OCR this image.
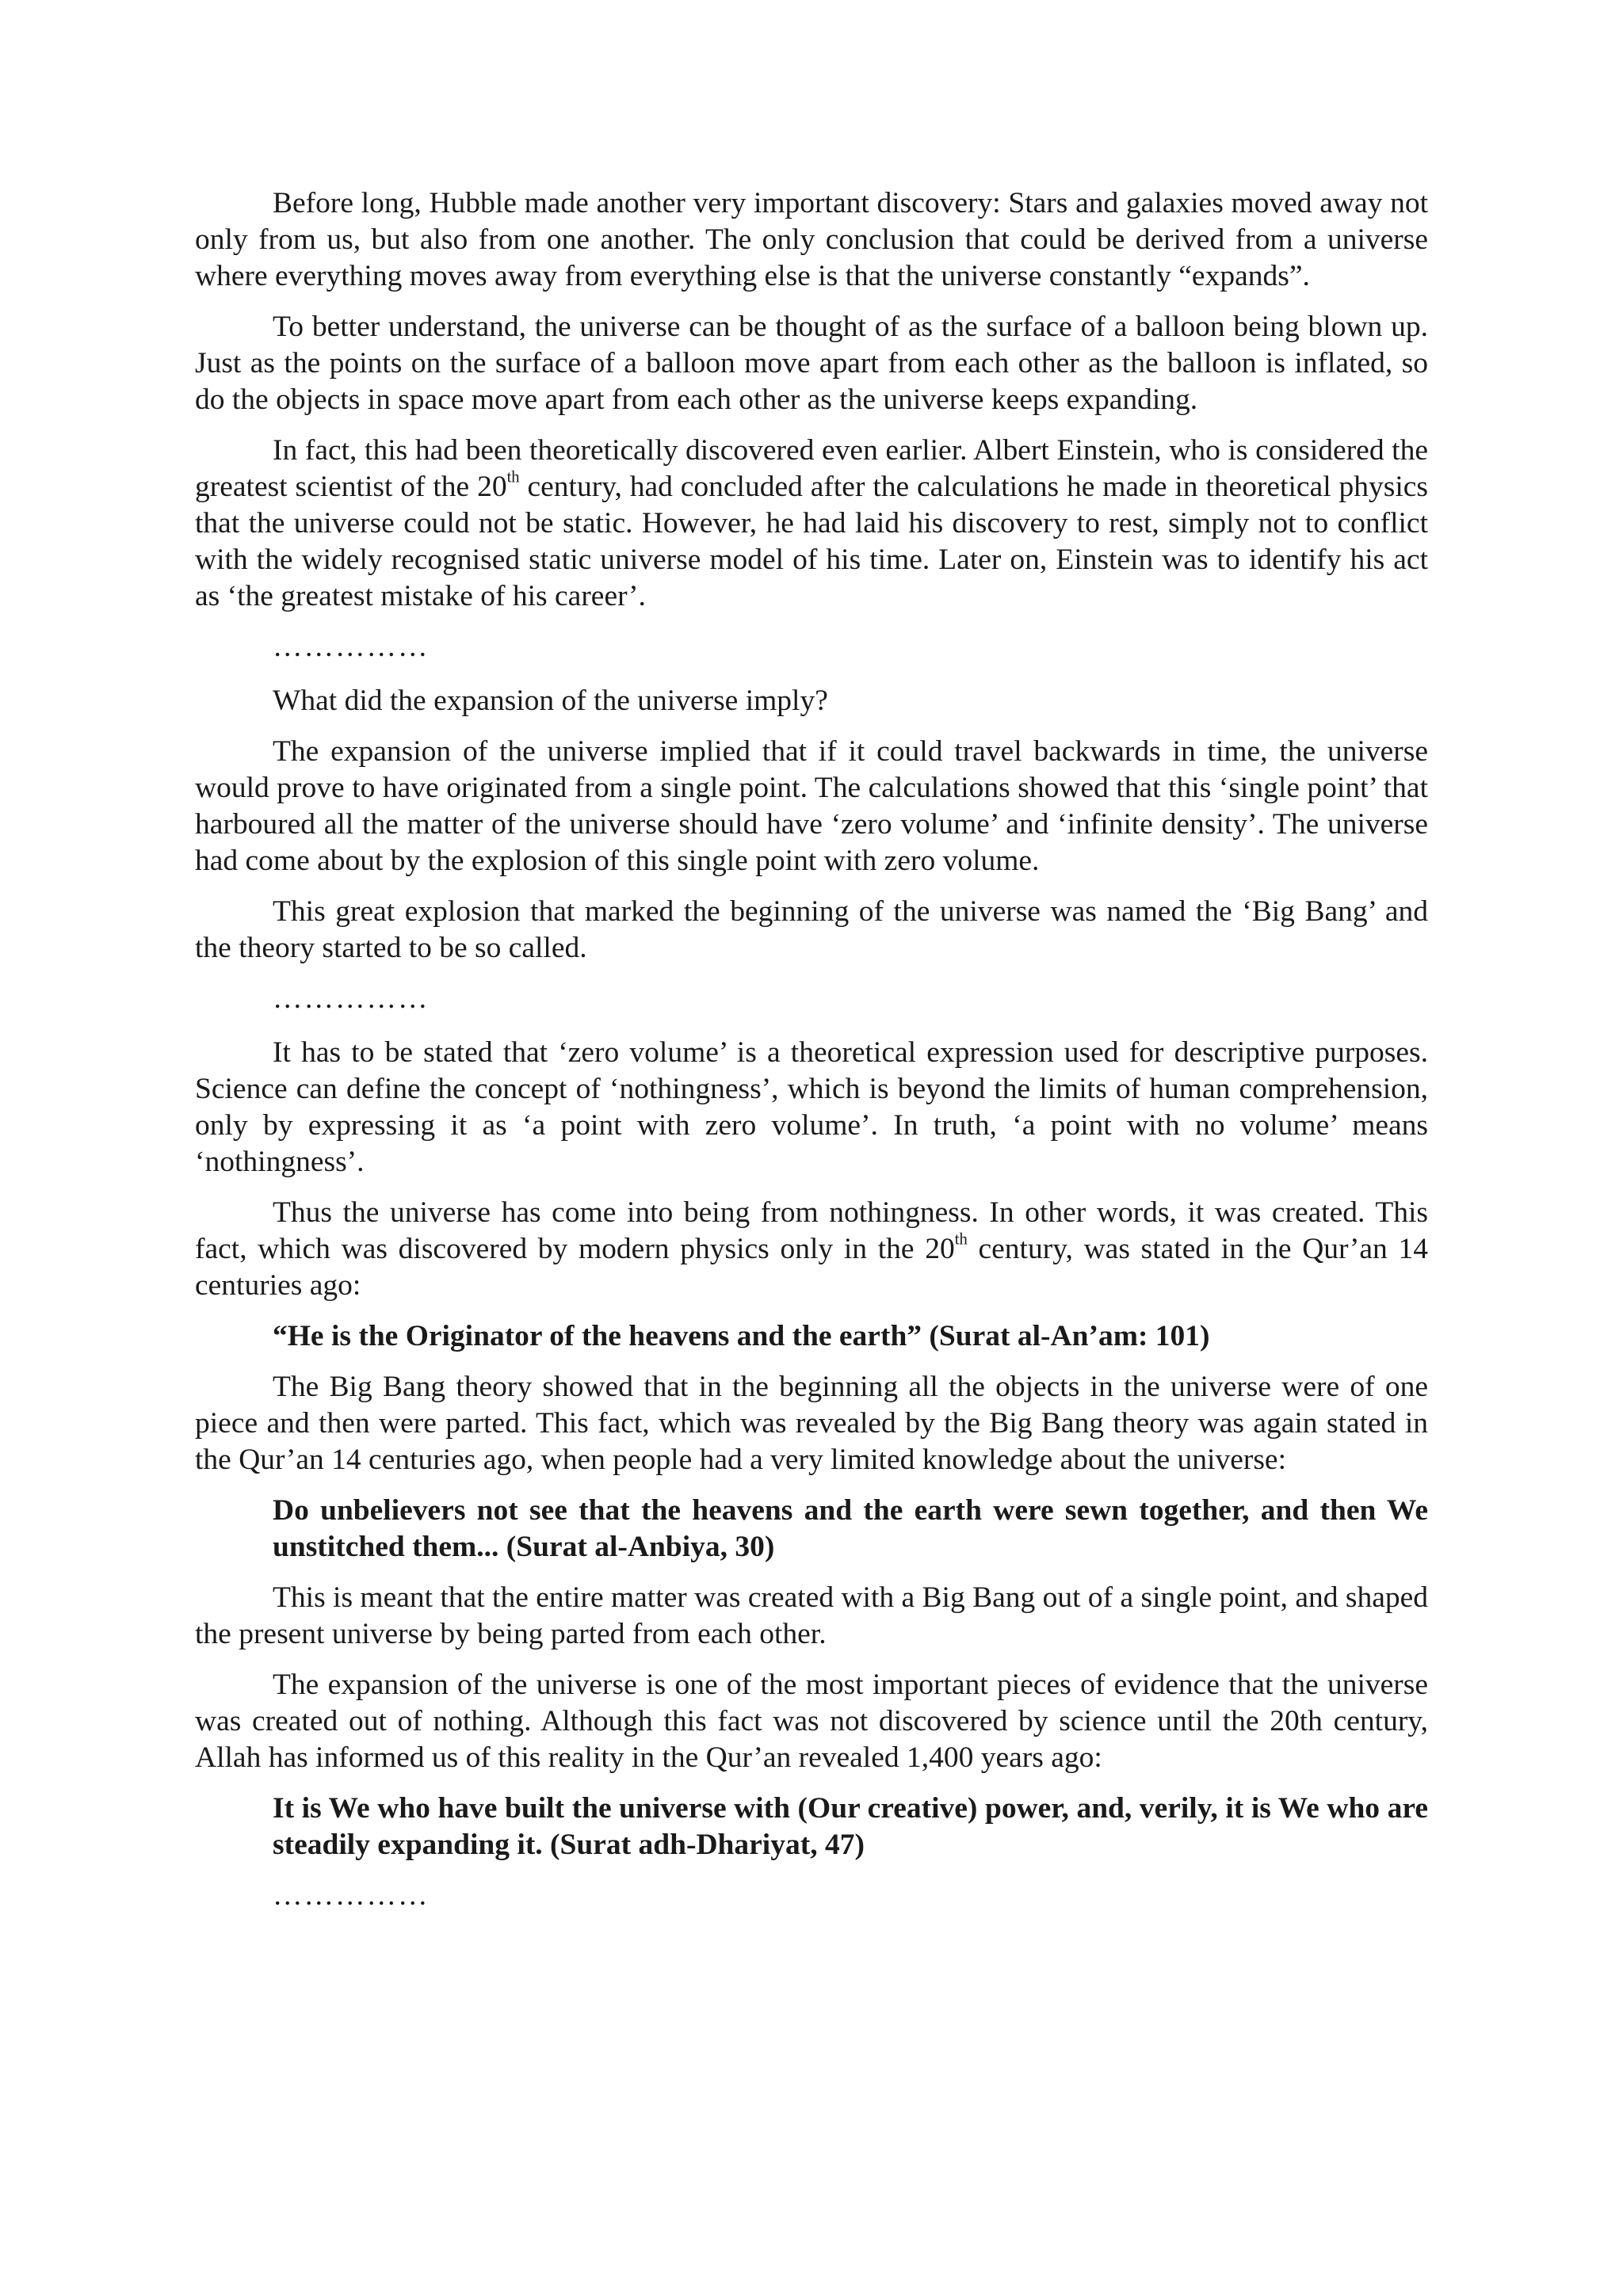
Before long, Hubble made another very important discovery: Stars and galaxies moved away not only from us, but also from one another. The only conclusion that could be derived from a universe where everything moves away from everything else is that the universe constantly “expands”.

To better understand, the universe can be thought of as the surface of a balloon being blown up. Just as the points on the surface of a balloon move apart from each other as the balloon is inflated, so do the objects in space move apart from each other as the universe keeps expanding.

In fact, this had been theoretically discovered even earlier. Albert Einstein, who is considered the greatest scientist of the 20th century, had concluded after the calculations he made in theoretical physics that the universe could not be static. However, he had laid his discovery to rest, simply not to conflict with the widely recognised static universe model of his time. Later on, Einstein was to identify his act as ‘the greatest mistake of his career’.

……………

What did the expansion of the universe imply?

The expansion of the universe implied that if it could travel backwards in time, the universe would prove to have originated from a single point. The calculations showed that this ‘single point’ that harboured all the matter of the universe should have ‘zero volume’ and ‘infinite density’. The universe had come about by the explosion of this single point with zero volume.

This great explosion that marked the beginning of the universe was named the ‘Big Bang’ and the theory started to be so called.

……………

It has to be stated that ‘zero volume’ is a theoretical expression used for descriptive purposes. Science can define the concept of ‘nothingness’, which is beyond the limits of human comprehension, only by expressing it as ‘a point with zero volume’. In truth, ‘a point with no volume’ means ‘nothingness’.

Thus the universe has come into being from nothingness. In other words, it was created. This fact, which was discovered by modern physics only in the 20th century, was stated in the Qur’an 14 centuries ago:

“He is the Originator of the heavens and the earth” (Surat al-An’am: 101)

The Big Bang theory showed that in the beginning all the objects in the universe were of one piece and then were parted. This fact, which was revealed by the Big Bang theory was again stated in the Qur’an 14 centuries ago, when people had a very limited knowledge about the universe:

Do unbelievers not see that the heavens and the earth were sewn together, and then We unstitched them... (Surat al-Anbiya, 30)

This is meant that the entire matter was created with a Big Bang out of a single point, and shaped the present universe by being parted from each other.

The expansion of the universe is one of the most important pieces of evidence that the universe was created out of nothing. Although this fact was not discovered by science until the 20th century, Allah has informed us of this reality in the Qur’an revealed 1,400 years ago:

It is We who have built the universe with (Our creative) power, and, verily, it is We who are steadily expanding it. (Surat adh-Dhariyat, 47)

……………
